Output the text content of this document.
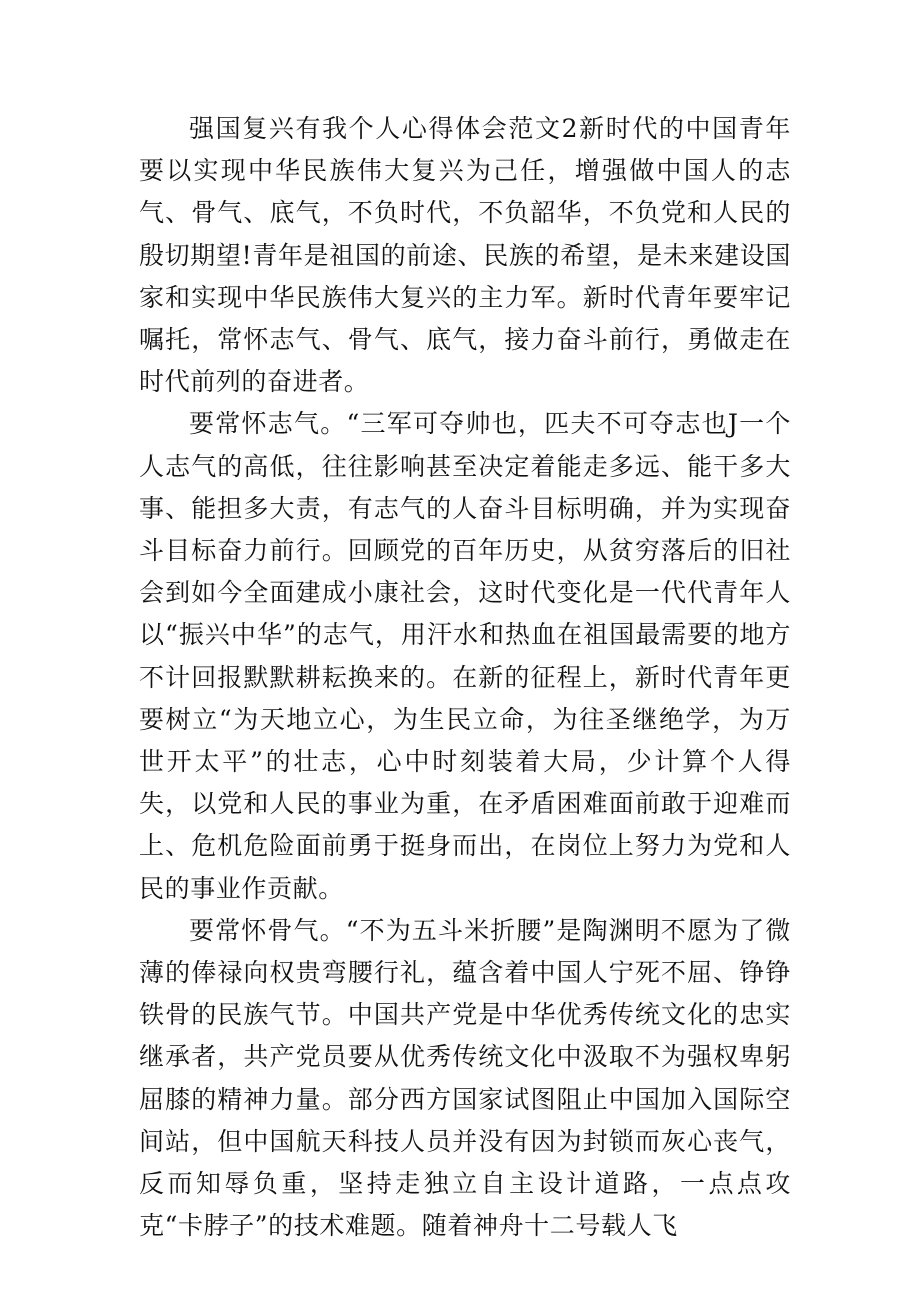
强国复兴有我个人心得体会范文2新时代的中国青年要以实现中华民族伟大复兴为己任，增强做中国人的志气、骨气、底气，不负时代，不负韶华，不负党和人民的殷切期望!青年是祖国的前途、民族的希望，是未来建设国家和实现中华民族伟大复兴的主力军。新时代青年要牢记嘱托，常怀志气、骨气、底气，接力奋斗前行，勇做走在时代前列的奋进者。

要常怀志气。“三军可夺帅也，匹夫不可夺志也J一个人志气的高低，往往影响甚至决定着能走多远、能干多大事、能担多大责，有志气的人奋斗目标明确，并为实现奋斗目标奋力前行。回顾党的百年历史，从贫穷落后的旧社会到如今全面建成小康社会，这时代变化是一代代青年人以“振兴中华”的志气，用汗水和热血在祖国最需要的地方不计回报默默耕耘换来的。在新的征程上，新时代青年更要树立“为天地立心，为生民立命，为往圣继绝学，为万世开太平”的壮志，心中时刻装着大局，少计算个人得失，以党和人民的事业为重，在矛盾困难面前敢于迎难而上、危机危险面前勇于挺身而出，在岗位上努力为党和人民的事业作贡献。

要常怀骨气。“不为五斗米折腰”是陶渊明不愿为了微薄的俸禄向权贵弯腰行礼，蕴含着中国人宁死不屈、铮铮铁骨的民族气节。中国共产党是中华优秀传统文化的忠实继承者，共产党员要从优秀传统文化中汲取不为强权卑躬屈膝的精神力量。部分西方国家试图阻止中国加入国际空间站，但中国航天科技人员并没有因为封锁而灰心丧气，反而知辱负重，坚持走独立自主设计道路，一点点攻克“卡脖子”的技术难题。随着神舟十二号载人飞
